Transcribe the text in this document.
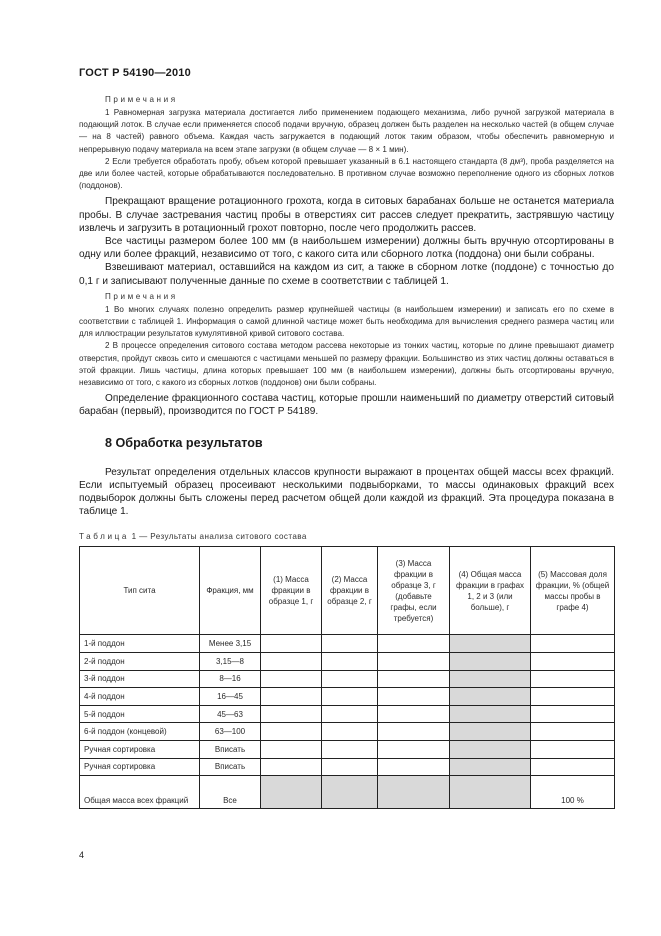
ГОСТ Р 54190—2010

Примечания

1 Равномерная загрузка материала достигается либо применением подающего механизма, либо ручной загрузкой материала в подающий лоток. В случае если применяется способ подачи вручную, образец должен быть разделен на несколько частей (в общем случае — на 8 частей) равного объема. Каждая часть загружается в подающий лоток таким образом, чтобы обеспечить равномерную и непрерывную подачу материала на всем этапе загрузки (в общем случае — 8 × 1 мин).

2 Если требуется обработать пробу, объем которой превышает указанный в 6.1 настоящего стандарта (8 дм³), проба разделяется на две или более частей, которые обрабатываются последовательно. В противном случае возможно переполнение одного из сборных лотков (поддонов).

Прекращают вращение ротационного грохота, когда в ситовых барабанах больше не останется материала пробы. В случае застревания частиц пробы в отверстиях сит рассев следует прекратить, застрявшую частицу извлечь и загрузить в ротационный грохот повторно, после чего продолжить рассев.

Все частицы размером более 100 мм (в наибольшем измерении) должны быть вручную отсортированы в одну или более фракций, независимо от того, с какого сита или сборного лотка (поддона) они были собраны.

Взвешивают материал, оставшийся на каждом из сит, а также в сборном лотке (поддоне) с точностью до 0,1 г и записывают полученные данные по схеме в соответствии с таблицей 1.

Примечания

1 Во многих случаях полезно определить размер крупнейшей частицы (в наибольшем измерении) и записать его по схеме в соответствии с таблицей 1. Информация о самой длинной частице может быть необходима для вычисления среднего размера частиц или для иллюстрации результатов кумулятивной кривой ситового состава.

2 В процессе определения ситового состава методом рассева некоторые из тонких частиц, которые по длине превышают диаметр отверстия, пройдут сквозь сито и смешаются с частицами меньшей по размеру фракции. Большинство из этих частиц должны оставаться в этой фракции. Лишь частицы, длина которых превышает 100 мм (в наибольшем измерении), должны быть отсортированы вручную, независимо от того, с какого из сборных лотков (поддонов) они были собраны.

Определение фракционного состава частиц, которые прошли наименьший по диаметру отверстий ситовый барабан (первый), производится по ГОСТ Р 54189.

8 Обработка результатов

Результат определения отдельных классов крупности выражают в процентах общей массы всех фракций. Если испытуемый образец просеивают несколькими подвыборками, то массы одинаковых фракций всех подвыборок должны быть сложены перед расчетом общей доли каждой из фракций. Эта процедура показана в таблице 1.

Таблица 1 — Результаты анализа ситового состава
Тип сита	Фракция, мм	(1) Масса фракции в образце 1, г	(2) Масса фракции в образце 2, г	(3) Масса фракции в образце 3, г (добавьте графы, если требуется)	(4) Общая масса фракции в графах 1, 2 и 3 (или больше), г	(5) Массовая доля фракции, % (общей массы пробы в графе 4)
1-й поддон	Менее 3,15					
2-й поддон	3,15—8					
3-й поддон	8—16					
4-й поддон	16—45					
5-й поддон	45—63					
6-й поддон (концевой)	63—100					
Ручная сортировка	Вписать					
Ручная сортировка	Вписать					
Общая масса всех фракций	Все					100 %
4
